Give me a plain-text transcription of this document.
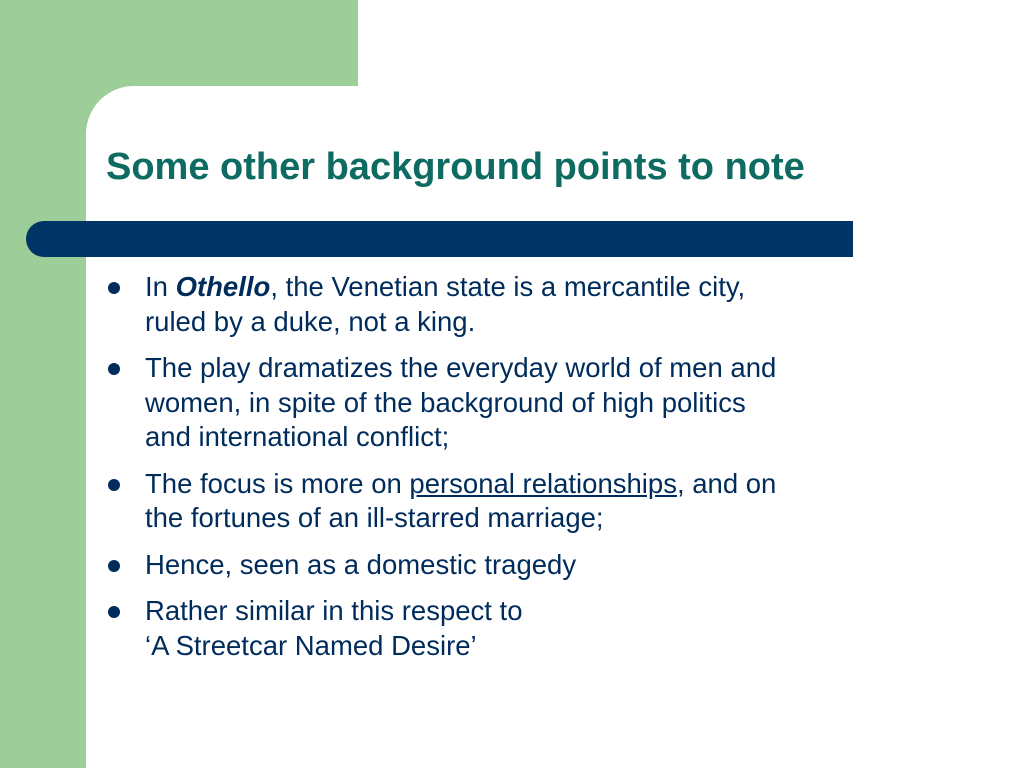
Some other background points to note
In Othello, the Venetian state is a mercantile city,
ruled by a duke, not a king.
The play dramatizes the everyday world of men and
women, in spite of the background of high politics
and international conflict;
The focus is more on personal relationships, and on
the fortunes of an ill-starred marriage;
Hence, seen as a domestic tragedy
Rather similar in this respect to
‘A Streetcar Named Desire’
